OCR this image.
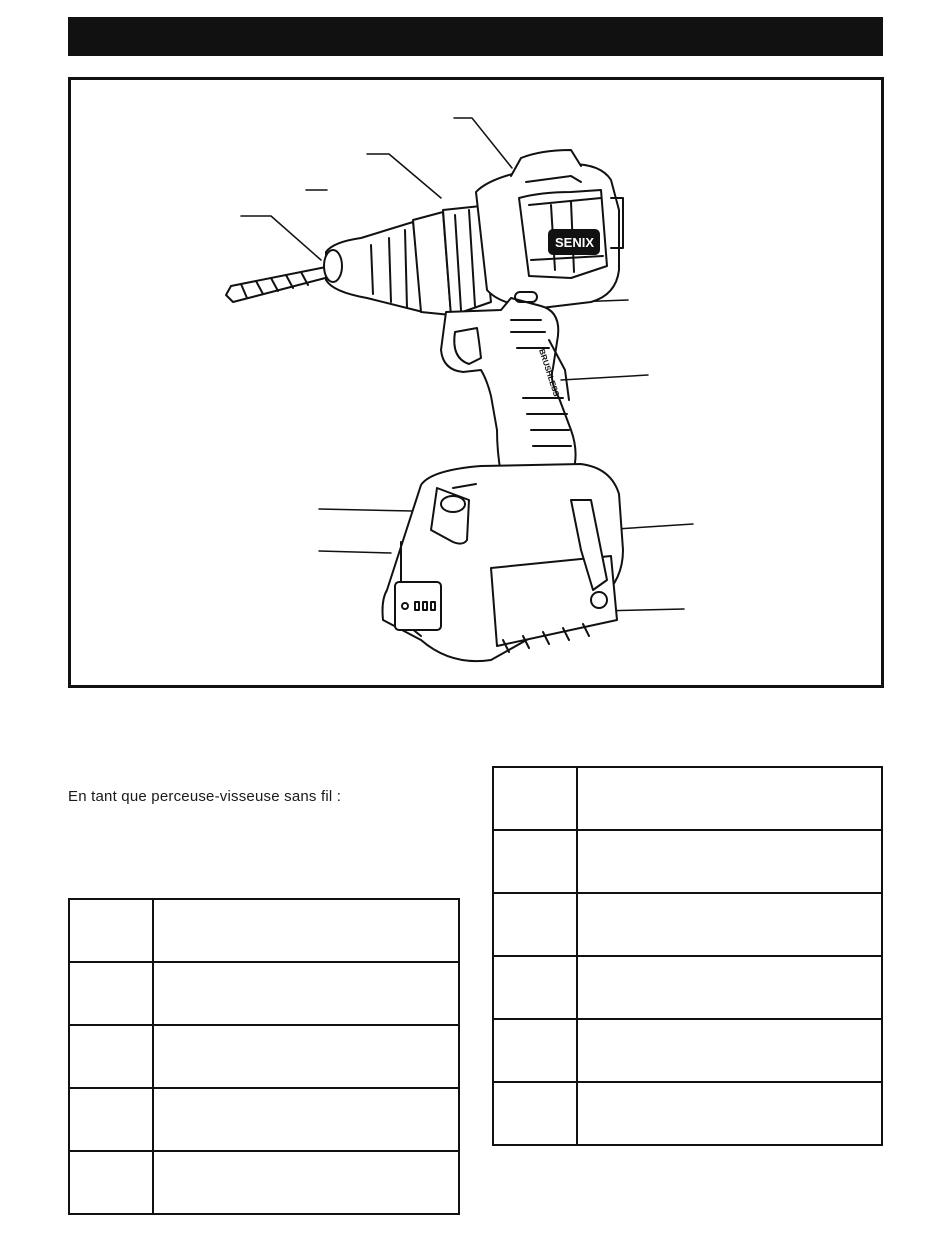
SENIX
BRUSHLESS
En tant que perceuse-visseuse sans fil :
